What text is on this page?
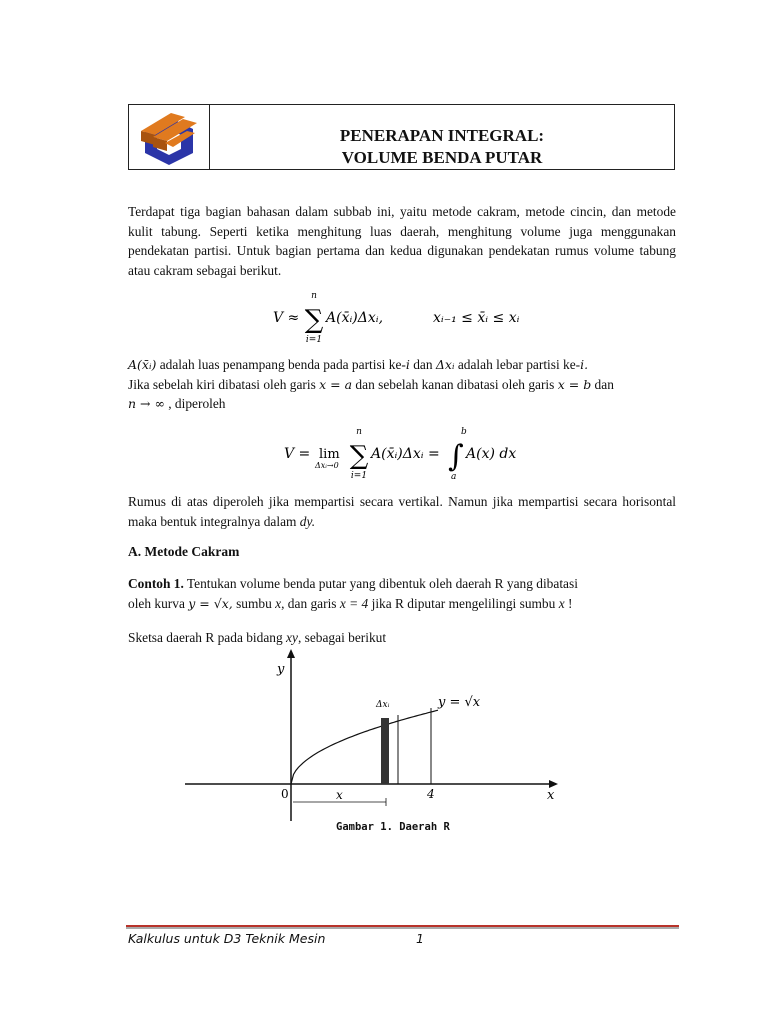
PENERAPAN INTEGRAL:
VOLUME BENDA PUTAR
Terdapat tiga bagian bahasan dalam subbab ini, yaitu metode cakram, metode cincin, dan metode kulit tabung. Seperti ketika menghitung luas daerah, menghitung volume juga menggunakan pendekatan partisi. Untuk bagian pertama dan kedua digunakan pendekatan rumus volume tabung atau cakram sebagai berikut.
V ≈
n
∑
i=1
A(x̄ᵢ)Δxᵢ,	xᵢ₋₁ ≤ x̄ᵢ ≤ xᵢ
A(x̄ᵢ) adalah luas penampang benda pada partisi ke-i dan Δxᵢ adalah lebar partisi ke-i.
Jika sebelah kiri dibatasi oleh garis x = a dan sebelah kanan dibatasi oleh garis x = b dan
n → ∞ , diperoleh
V = lim
Δxᵢ→0
n
∑
i=1
A(x̄ᵢ)Δxᵢ =
b
∫
a
A(x) dx
Rumus di atas diperoleh jika mempartisi secara vertikal. Namun jika mempartisi secara horisontal maka bentuk integralnya dalam dy.
A. Metode Cakram
Contoh 1. Tentukan volume benda putar yang dibentuk oleh daerah R yang dibatasi
oleh kurva y = √x, sumbu x, dan garis x = 4 jika R diputar mengelilingi sumbu x !
Sketsa daerah R pada bidang xy, sebagai berikut
y
x
0	x	4
Δxᵢ	y = √x
Gambar 1. Daerah R
Kalkulus untuk D3 Teknik Mesin	1
